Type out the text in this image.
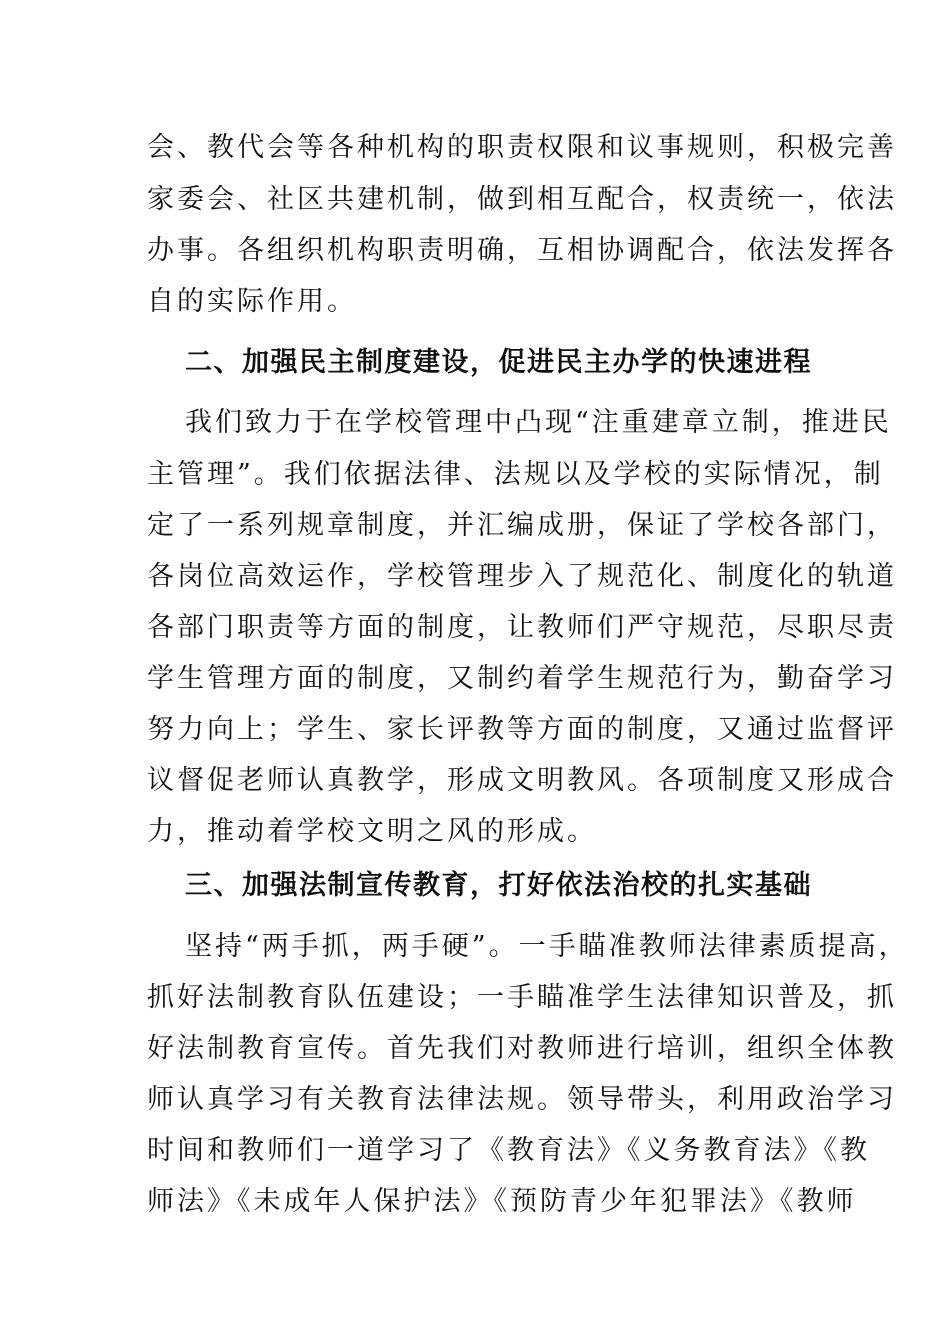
会、教代会等各种机构的职责权限和议事规则，积极完善
家委会、社区共建机制，做到相互配合，权责统一，依法
办事。各组织机构职责明确，互相协调配合，依法发挥各
自的实际作用。
二、加强民主制度建设，促进民主办学的快速进程
我们致力于在学校管理中凸现“注重建章立制，推进民
主管理”。我们依据法律、法规以及学校的实际情况，制
定了一系列规章制度，并汇编成册，保证了学校各部门，
各岗位高效运作，学校管理步入了规范化、制度化的轨道
各部门职责等方面的制度，让教师们严守规范，尽职尽责
学生管理方面的制度，又制约着学生规范行为，勤奋学习
努力向上；学生、家长评教等方面的制度，又通过监督评
议督促老师认真教学，形成文明教风。各项制度又形成合
力，推动着学校文明之风的形成。
三、加强法制宣传教育，打好依法治校的扎实基础
坚持“两手抓，两手硬”。一手瞄准教师法律素质提高，
抓好法制教育队伍建设；一手瞄准学生法律知识普及，抓
好法制教育宣传。首先我们对教师进行培训，组织全体教
师认真学习有关教育法律法规。领导带头，利用政治学习
时间和教师们一道学习了《教育法》《义务教育法》《教
师法》《未成年人保护法》《预防青少年犯罪法》《教师
